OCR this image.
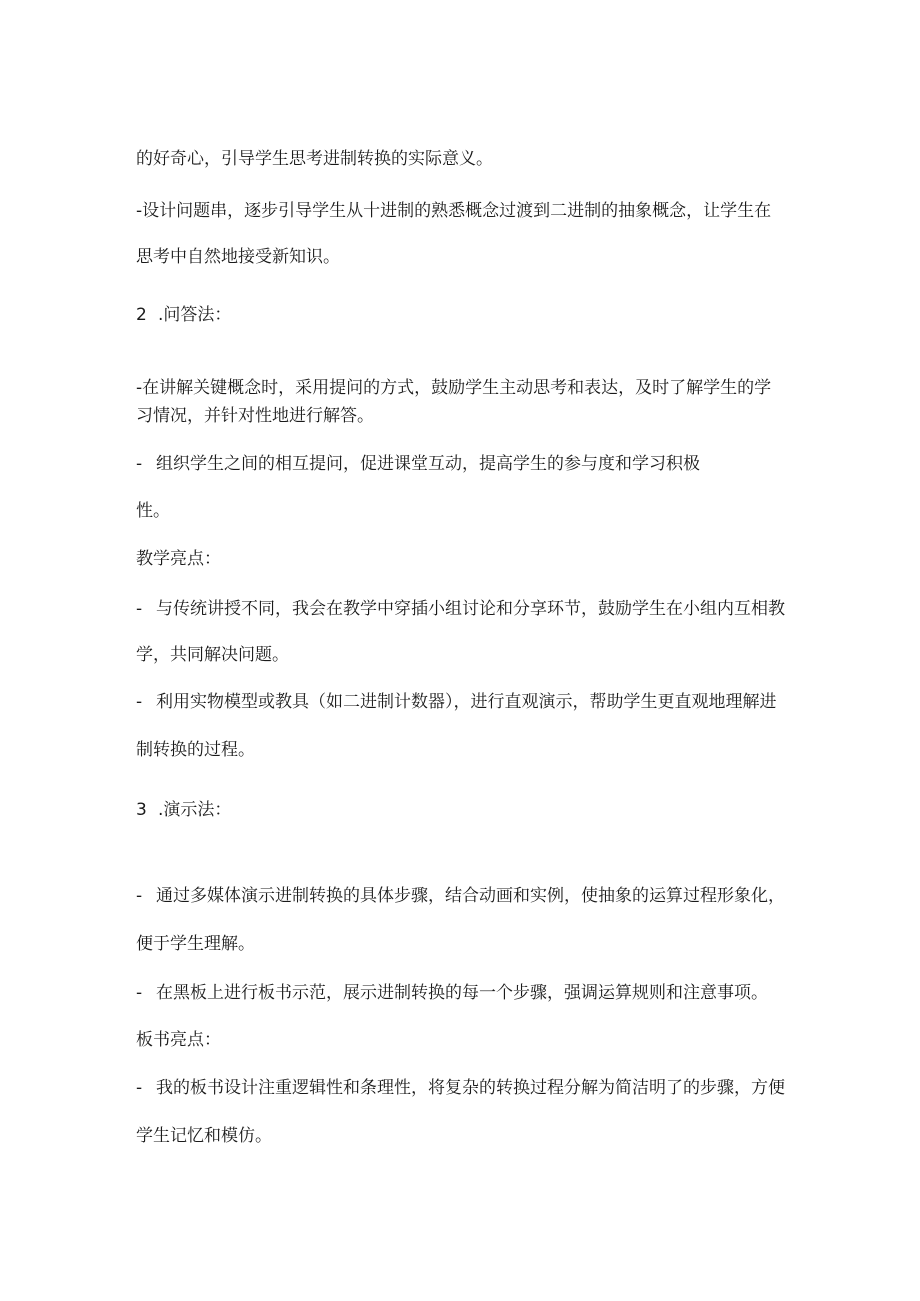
的好奇心，引导学生思考进制转换的实际意义。
-设计问题串，逐步引导学生从十进制的熟悉概念过渡到二进制的抽象概念，让学生在
思考中自然地接受新知识。
2 .问答法：
-在讲解关键概念时，采用提问的方式，鼓励学生主动思考和表达，及时了解学生的学
习情况，并针对性地进行解答。
- 组织学生之间的相互提问，促进课堂互动，提高学生的参与度和学习积极
性。
教学亮点：
- 与传统讲授不同，我会在教学中穿插小组讨论和分享环节，鼓励学生在小组内互相教
学，共同解决问题。
- 利用实物模型或教具（如二进制计数器），进行直观演示，帮助学生更直观地理解进
制转换的过程。
3 .演示法：
- 通过多媒体演示进制转换的具体步骤，结合动画和实例，使抽象的运算过程形象化，
便于学生理解。
- 在黑板上进行板书示范，展示进制转换的每一个步骤，强调运算规则和注意事项。
板书亮点：
- 我的板书设计注重逻辑性和条理性，将复杂的转换过程分解为简洁明了的步骤，方便
学生记忆和模仿。
